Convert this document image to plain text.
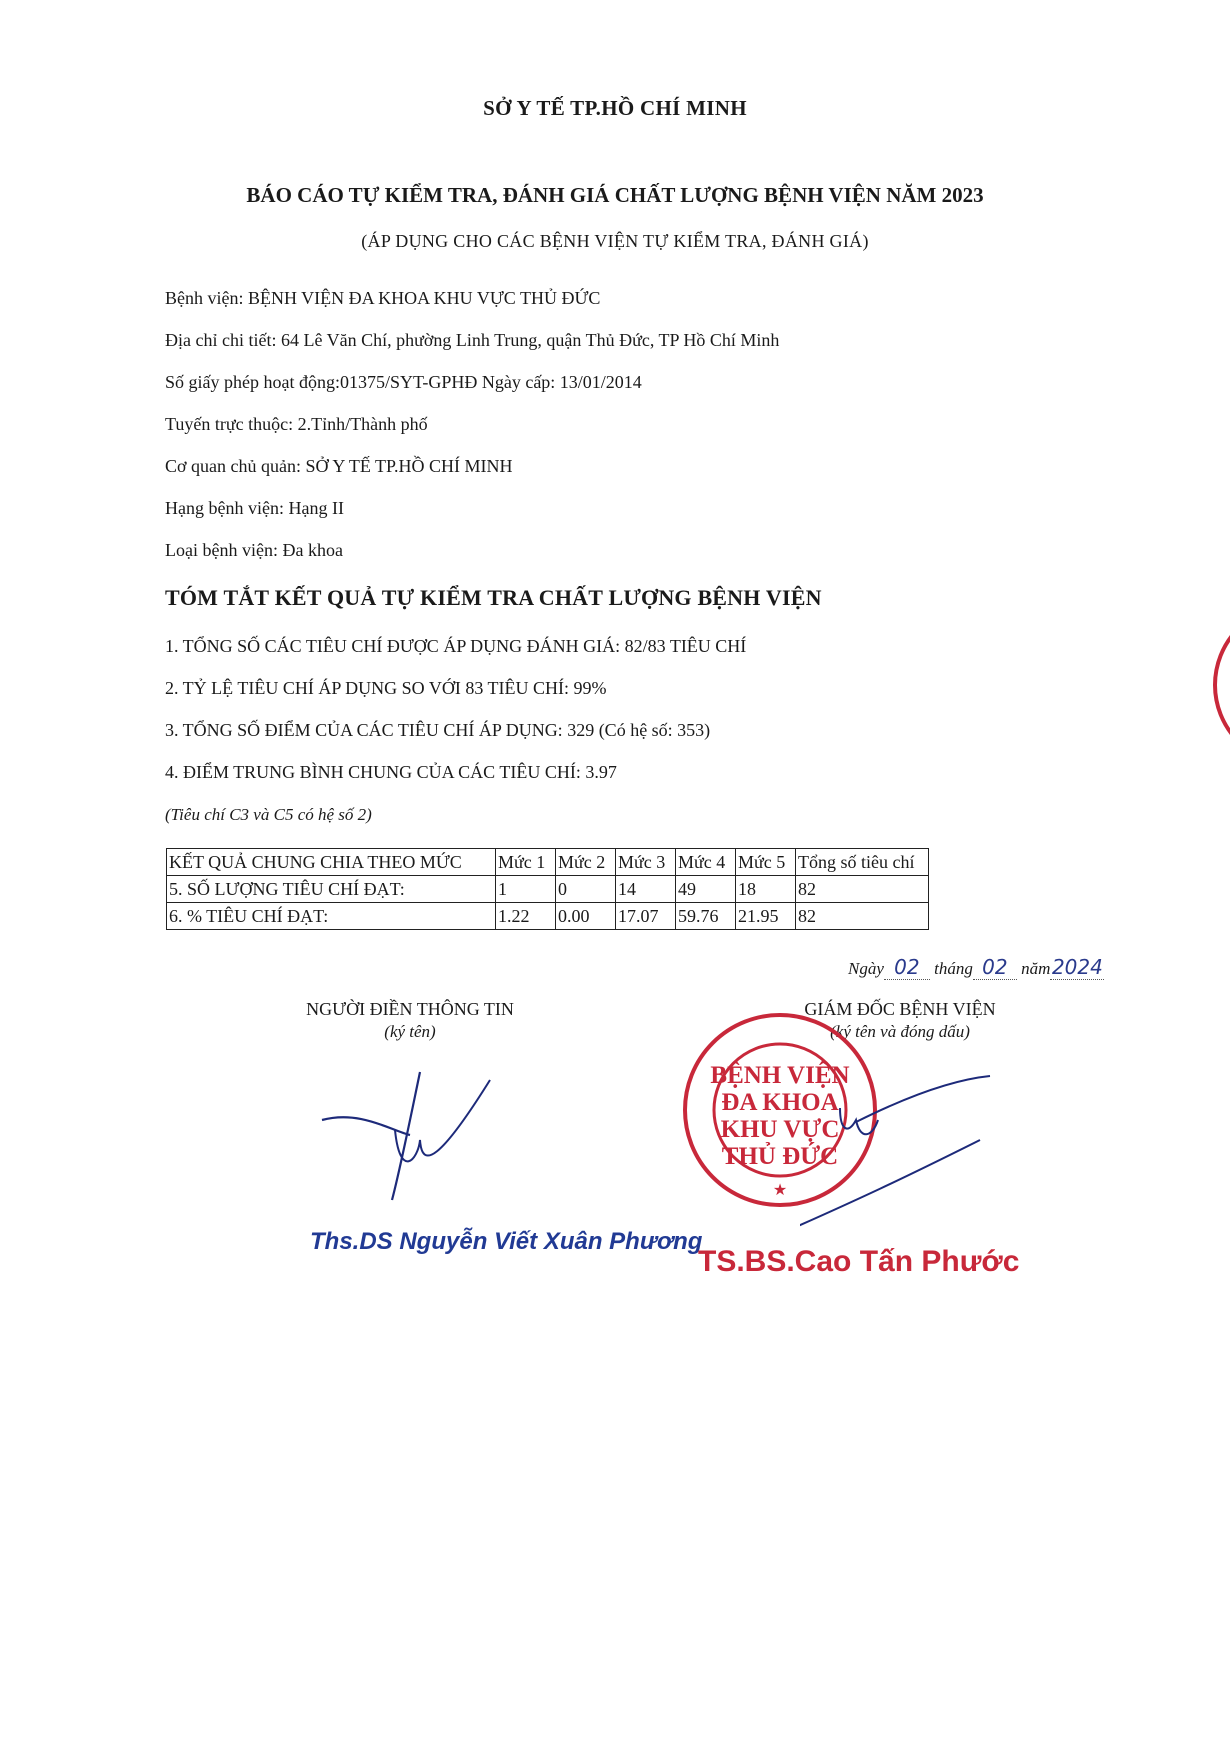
SỞ Y TẾ TP.HỒ CHÍ MINH
BÁO CÁO TỰ KIỂM TRA, ĐÁNH GIÁ CHẤT LƯỢNG BỆNH VIỆN NĂM 2023
(ÁP DỤNG CHO CÁC BỆNH VIỆN TỰ KIỂM TRA, ĐÁNH GIÁ)
Bệnh viện: BỆNH VIỆN ĐA KHOA KHU VỰC THỦ ĐỨC
Địa chỉ chi tiết: 64 Lê Văn Chí, phường Linh Trung, quận Thủ Đức, TP Hồ Chí Minh
Số giấy phép hoạt động:01375/SYT-GPHĐ Ngày cấp: 13/01/2014
Tuyến trực thuộc: 2.Tỉnh/Thành phố
Cơ quan chủ quản: SỞ Y TẾ TP.HỒ CHÍ MINH
Hạng bệnh viện: Hạng II
Loại bệnh viện: Đa khoa
TÓM TẮT KẾT QUẢ TỰ KIỂM TRA CHẤT LƯỢNG BỆNH VIỆN
1. TỔNG SỐ CÁC TIÊU CHÍ ĐƯỢC ÁP DỤNG ĐÁNH GIÁ: 82/83 TIÊU CHÍ
2. TỶ LỆ TIÊU CHÍ ÁP DỤNG SO VỚI 83 TIÊU CHÍ: 99%
3. TỔNG SỐ ĐIỂM CỦA CÁC TIÊU CHÍ ÁP DỤNG: 329 (Có hệ số: 353)
4. ĐIỂM TRUNG BÌNH CHUNG CỦA CÁC TIÊU CHÍ: 3.97
(Tiêu chí C3 và C5 có hệ số 2)
KẾT QUẢ CHUNG CHIA THEO MỨC	Mức 1	Mức 2	Mức 3	Mức 4	Mức 5	Tổng số tiêu chí
5. SỐ LƯỢNG TIÊU CHÍ ĐẠT:	1	0	14	49	18	82
6. % TIÊU CHÍ ĐẠT:	1.22	0.00	17.07	59.76	21.95	82
Ngày 02 tháng 02 năm2024
NGƯỜI ĐIỀN THÔNG TIN
(ký tên)
Ths.DS Nguyễn Viết Xuân Phương
GIÁM ĐỐC BỆNH VIỆN
(ký tên và đóng dấu)
★
BỆNH VIỆN
ĐA KHOA
KHU VỰC
THỦ ĐỨC
TS.BS.Cao Tấn Phước
